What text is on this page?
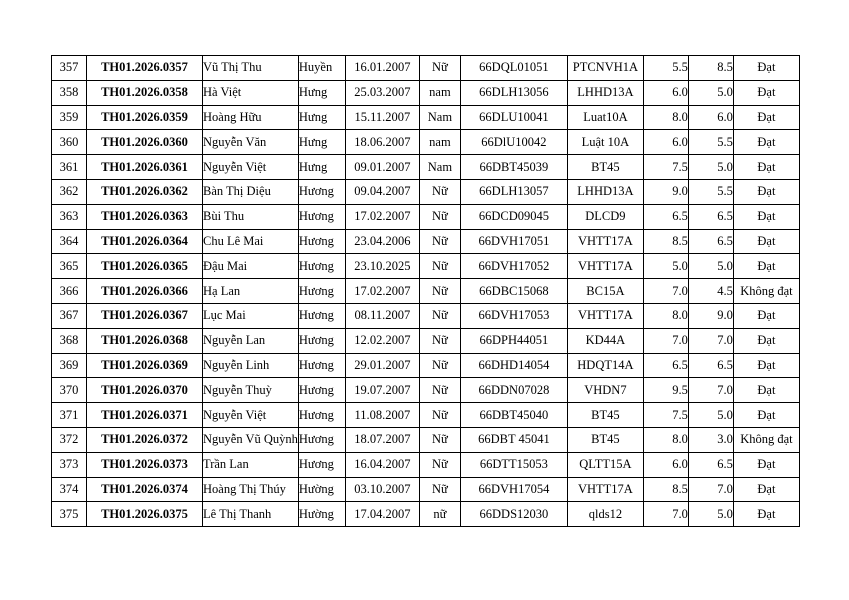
357	TH01.2026.0357	Vũ Thị Thu	Huyền	16.01.2007	Nữ	66DQL01051	PTCNVH1A	5.5	8.5	Đạt
358	TH01.2026.0358	Hà Việt	Hưng	25.03.2007	nam	66DLH13056	LHHD13A	6.0	5.0	Đạt
359	TH01.2026.0359	Hoàng Hữu	Hưng	15.11.2007	Nam	66DLU10041	Luat10A	8.0	6.0	Đạt
360	TH01.2026.0360	Nguyễn Văn	Hưng	18.06.2007	nam	66DlU10042	Luật 10A	6.0	5.5	Đạt
361	TH01.2026.0361	Nguyễn Việt	Hưng	09.01.2007	Nam	66DBT45039	BT45	7.5	5.0	Đạt
362	TH01.2026.0362	Bàn Thị Diệu	Hương	09.04.2007	Nữ	66DLH13057	LHHD13A	9.0	5.5	Đạt
363	TH01.2026.0363	Bùi Thu	Hương	17.02.2007	Nữ	66DCD09045	DLCD9	6.5	6.5	Đạt
364	TH01.2026.0364	Chu Lê Mai	Hương	23.04.2006	Nữ	66DVH17051	VHTT17A	8.5	6.5	Đạt
365	TH01.2026.0365	Đậu Mai	Hương	23.10.2025	Nữ	66DVH17052	VHTT17A	5.0	5.0	Đạt
366	TH01.2026.0366	Hạ Lan	Hương	17.02.2007	Nữ	66DBC15068	BC15A	7.0	4.5	Không đạt
367	TH01.2026.0367	Lục Mai	Hương	08.11.2007	Nữ	66DVH17053	VHTT17A	8.0	9.0	Đạt
368	TH01.2026.0368	Nguyễn Lan	Hương	12.02.2007	Nữ	66DPH44051	KD44A	7.0	7.0	Đạt
369	TH01.2026.0369	Nguyễn Linh	Hương	29.01.2007	Nữ	66DHD14054	HDQT14A	6.5	6.5	Đạt
370	TH01.2026.0370	Nguyễn Thuỳ	Hương	19.07.2007	Nữ	66DDN07028	VHDN7	9.5	7.0	Đạt
371	TH01.2026.0371	Nguyễn Việt	Hương	11.08.2007	Nữ	66DBT45040	BT45	7.5	5.0	Đạt
372	TH01.2026.0372	Nguyễn Vũ Quỳnh	Hương	18.07.2007	Nữ	66DBT 45041	BT45	8.0	3.0	Không đạt
373	TH01.2026.0373	Trần Lan	Hương	16.04.2007	Nữ	66DTT15053	QLTT15A	6.0	6.5	Đạt
374	TH01.2026.0374	Hoàng Thị Thúy	Hường	03.10.2007	Nữ	66DVH17054	VHTT17A	8.5	7.0	Đạt
375	TH01.2026.0375	Lê Thị Thanh	Hường	17.04.2007	nữ	66DDS12030	qlds12	7.0	5.0	Đạt
